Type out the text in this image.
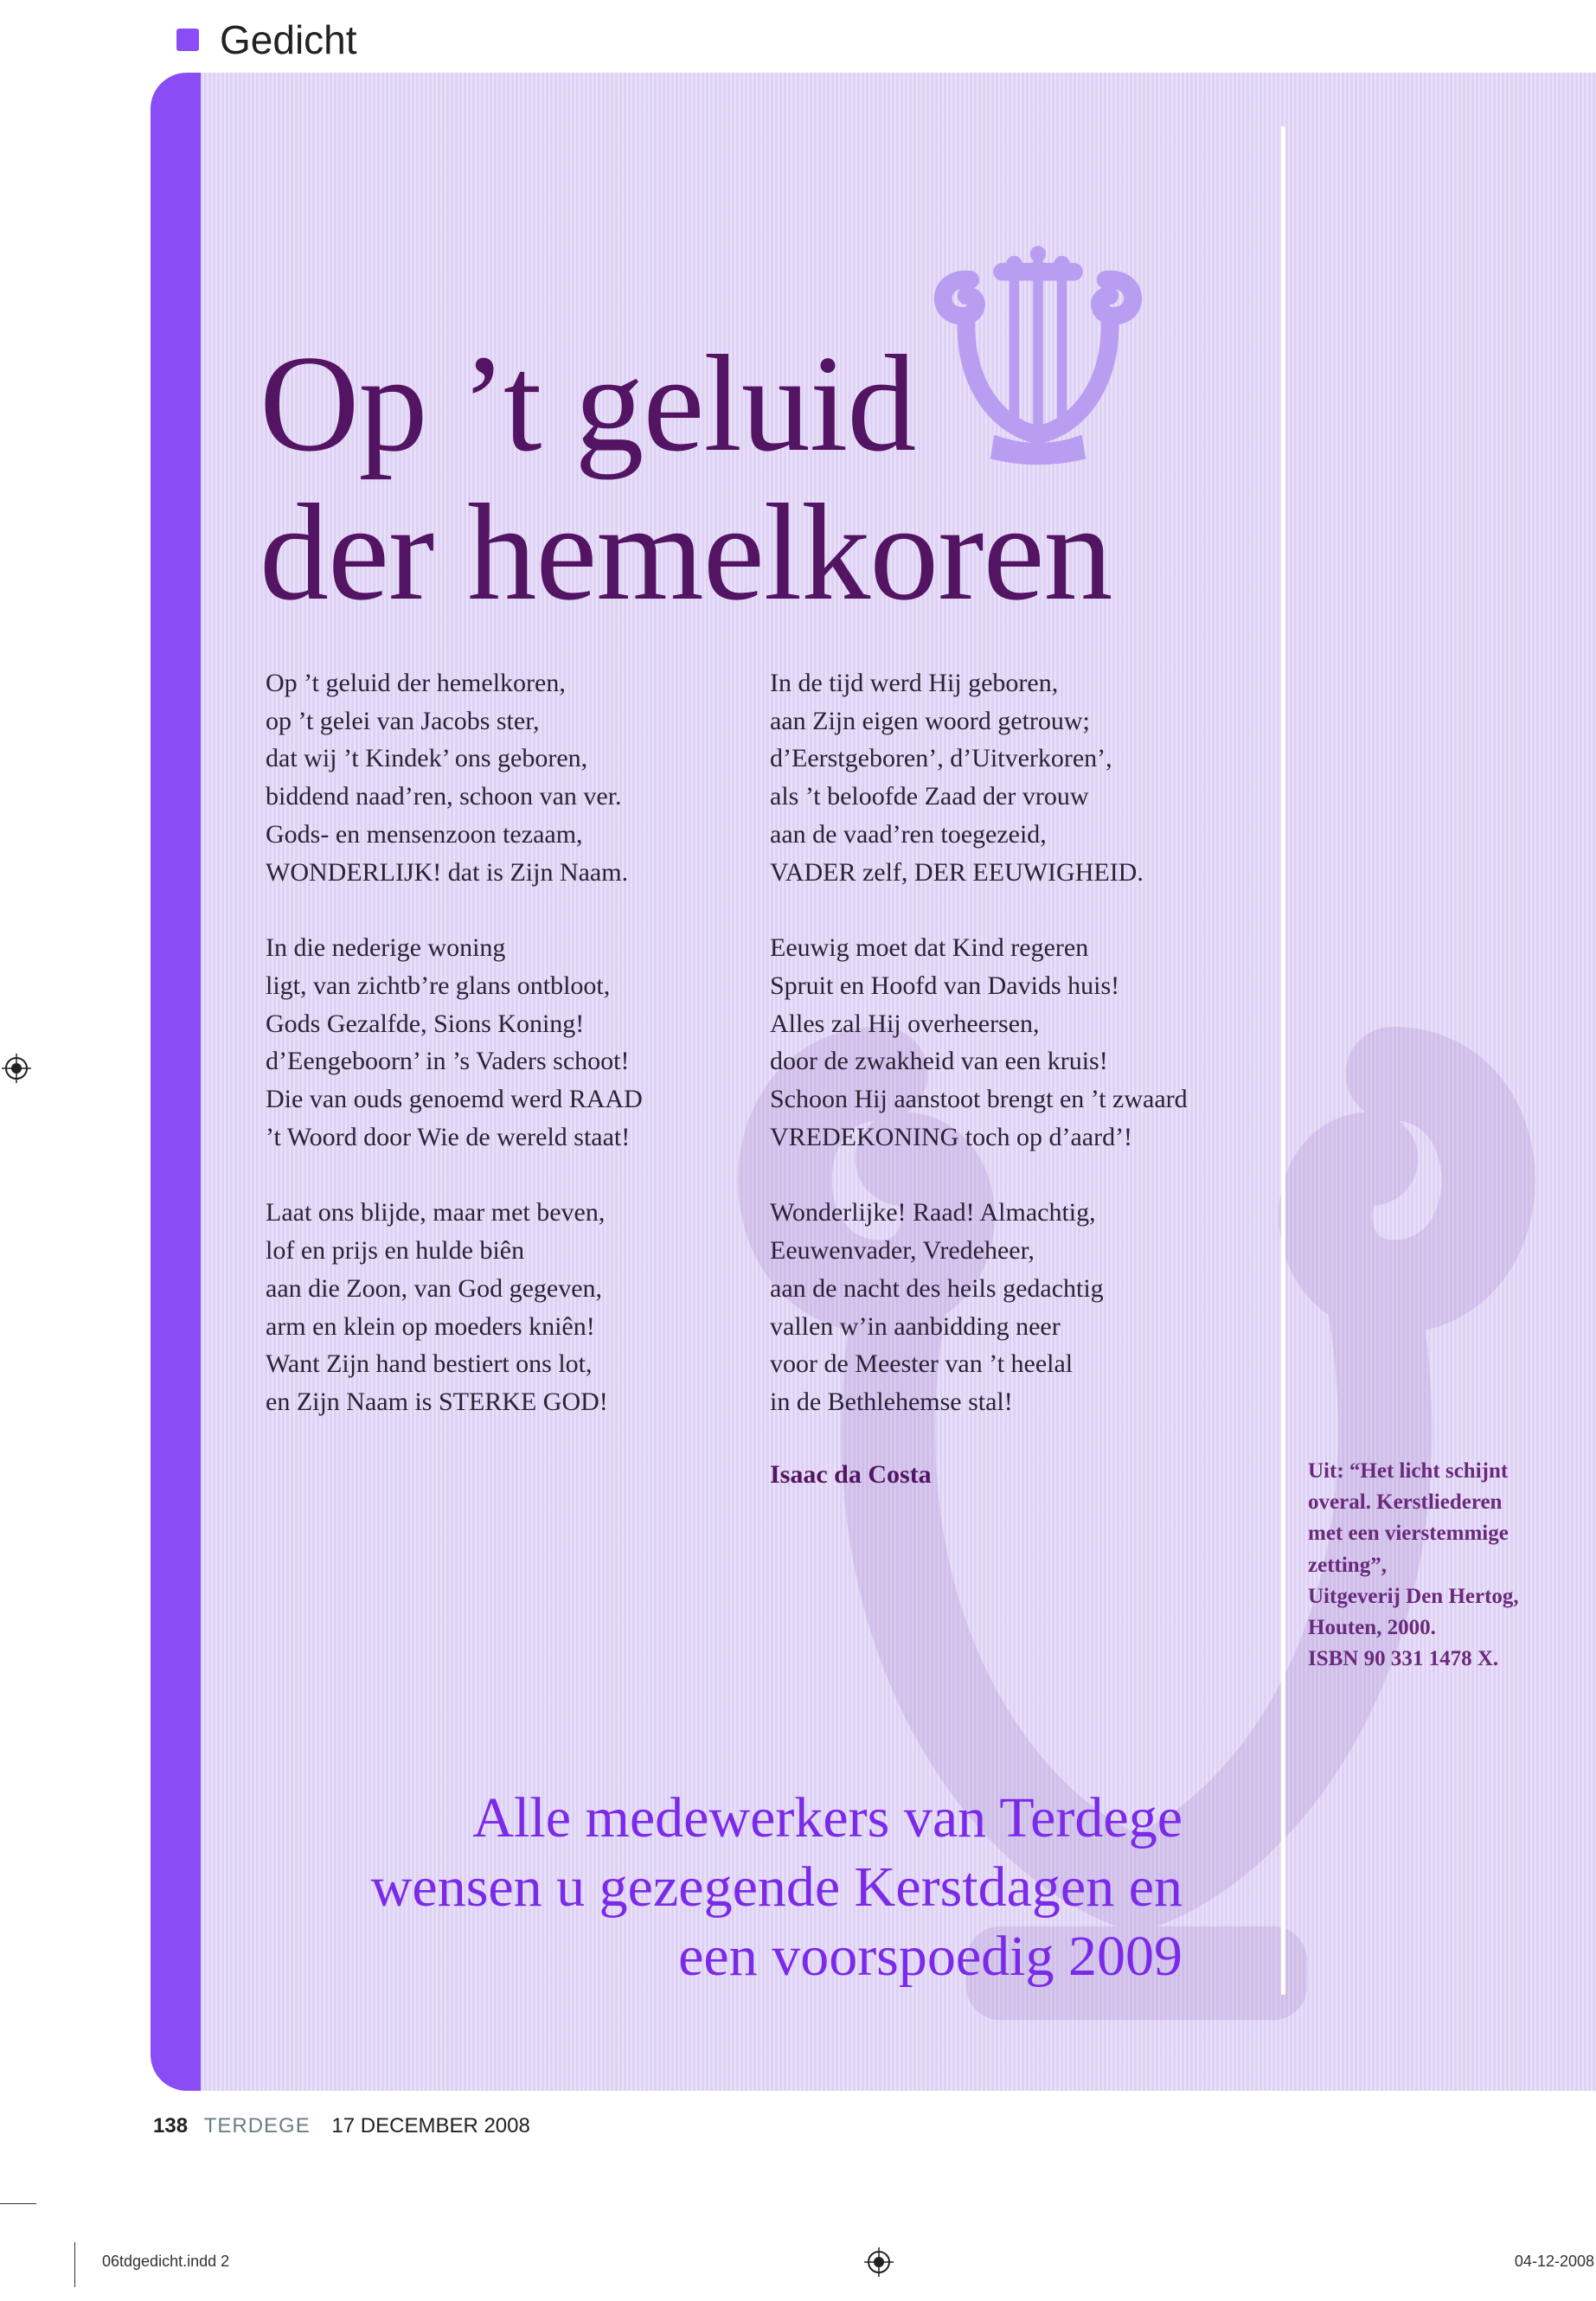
Gedicht
Op ’t geluid
der hemelkoren
Op ’t geluid der hemelkoren,
op ’t gelei van Jacobs ster,
dat wij ’t Kindek’ ons geboren,
biddend naad’ren, schoon van ver.
Gods- en mensenzoon tezaam,
WONDERLIJK! dat is Zijn Naam.
In die nederige woning
ligt, van zichtb’re glans ontbloot,
Gods Gezalfde, Sions Koning!
d’Eengeboorn’ in ’s Vaders schoot!
Die van ouds genoemd werd RAAD
’t Woord door Wie de wereld staat!
Laat ons blijde, maar met beven,
lof en prijs en hulde biên
aan die Zoon, van God gegeven,
arm en klein op moeders kniên!
Want Zijn hand bestiert ons lot,
en Zijn Naam is STERKE GOD!
In de tijd werd Hij geboren,
aan Zijn eigen woord getrouw;
d’Eerstgeboren’, d’Uitverkoren’,
als ’t beloofde Zaad der vrouw
aan de vaad’ren toegezeid,
VADER zelf, DER EEUWIGHEID.
Eeuwig moet dat Kind regeren
Spruit en Hoofd van Davids huis!
Alles zal Hij overheersen,
door de zwakheid van een kruis!
Schoon Hij aanstoot brengt en ’t zwaard
VREDEKONING toch op d’aard’!
Wonderlijke! Raad! Almachtig,
Eeuwenvader, Vredeheer,
aan de nacht des heils gedachtig
vallen w’in aanbidding neer
voor de Meester van ’t heelal
in de Bethlehemse stal!
Isaac da Costa	Uit: “Het licht schijnt
overal. Kerstliederen
met een vierstemmige
zetting”,
Uitgeverij Den Hertog,
Houten, 2000.
ISBN 90 331 1478 X.
Alle medewerkers van Terdege
wensen u gezegende Kerstdagen en
een voorspoedig 2009
138 TERDEGE 17 DECEMBER 2008
06tdgedicht.indd 2	04-12-2008
